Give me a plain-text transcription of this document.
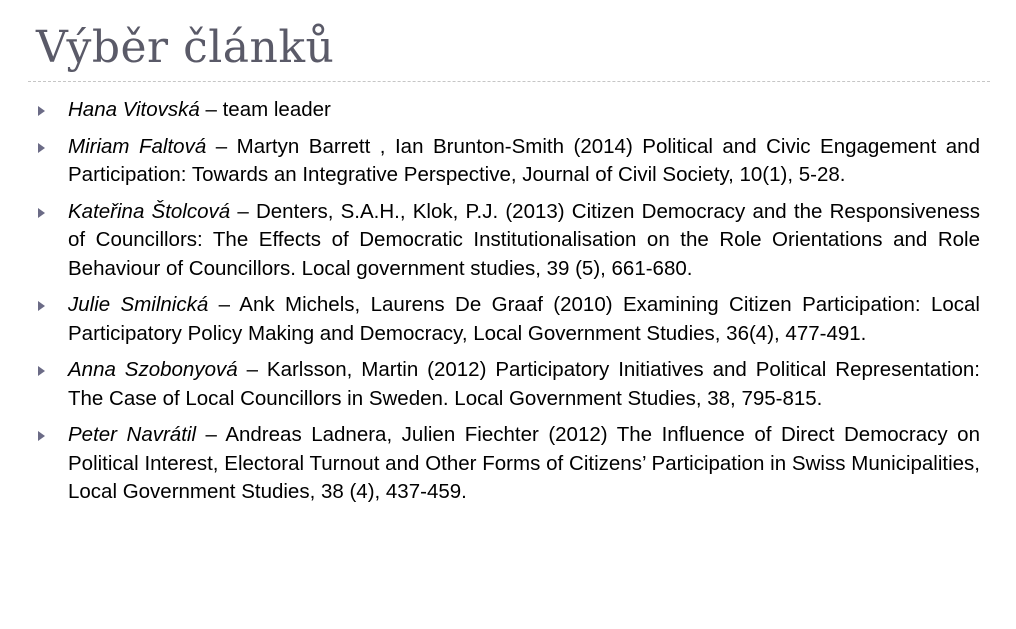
Výběr článků
Hana Vitovská – team leader
Miriam Faltová – Martyn Barrett , Ian Brunton-Smith (2014) Political and Civic Engagement and Participation: Towards an Integrative Perspective, Journal of Civil Society, 10(1), 5-28.
Kateřina Štolcová – Denters, S.A.H., Klok, P.J. (2013) Citizen Democracy and the Responsiveness of Councillors: The Effects of Democratic Institutionalisation on the Role Orientations and Role Behaviour of Councillors. Local government studies, 39 (5), 661-680.
Julie Smilnická – Ank Michels, Laurens De Graaf (2010) Examining Citizen Participation: Local Participatory Policy Making and Democracy, Local Government Studies, 36(4), 477-491.
Anna Szobonyová – Karlsson, Martin (2012) Participatory Initiatives and Political Representation: The Case of Local Councillors in Sweden. Local Government Studies, 38, 795-815.
Peter Navrátil – Andreas Ladnera, Julien Fiechter (2012) The Influence of Direct Democracy on Political Interest, Electoral Turnout and Other Forms of Citizens’ Participation in Swiss Municipalities, Local Government Studies, 38 (4), 437-459.
